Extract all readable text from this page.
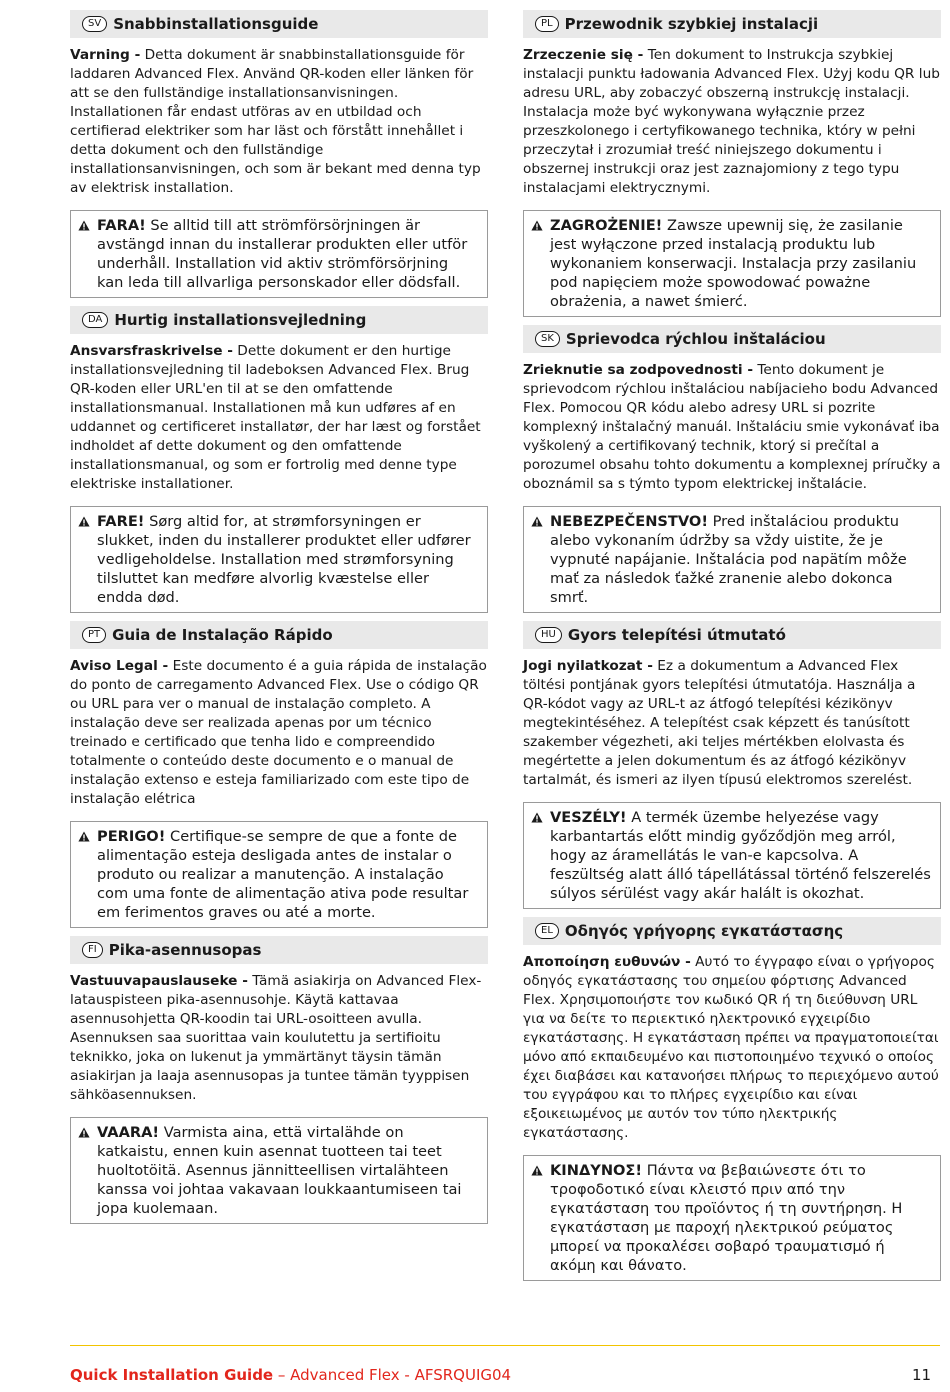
SV Snabbinstallationsguide

Varning - Detta dokument är snabbinstallationsguide för laddaren Advanced Flex. Använd QR-koden eller länken för att se den fullständige installationsanvisningen. Installationen får endast utföras av en utbildad och certifierad elektriker som har läst och förstått innehållet i detta dokument och den fullständige installationsanvisningen, och som är bekant med denna typ av elektrisk installation.

FARA! Se alltid till att strömförsörjningen är avstängd innan du installerar produkten eller utför underhåll. Installation vid aktiv strömförsörjning kan leda till allvarliga personskador eller dödsfall.
DA Hurtig installationsvejledning

Ansvarsfraskrivelse - Dette dokument er den hurtige installationsvejledning til ladeboksen Advanced Flex. Brug QR-koden eller URL'en til at se den omfattende installationsmanual. Installationen må kun udføres af en uddannet og certificeret installatør, der har læst og forstået indholdet af dette dokument og den omfattende installationsmanual, og som er fortrolig med denne type elektriske installationer.

FARE! Sørg altid for, at strømforsyningen er slukket, inden du installerer produktet eller udfører vedligeholdelse. Installation med strømforsyning tilsluttet kan medføre alvorlig kvæstelse eller endda død.
PT Guia de Instalação Rápido

Aviso Legal - Este documento é a guia rápida de instalação do ponto de carregamento Advanced Flex. Use o código QR ou URL para ver o manual de instalação completo. A instalação deve ser realizada apenas por um técnico treinado e certificado que tenha lido e compreendido totalmente o conteúdo deste documento e o manual de instalação extenso e esteja familiarizado com este tipo de instalação elétrica

PERIGO! Certifique-se sempre de que a fonte de alimentação esteja desligada antes de instalar o produto ou realizar a manutenção. A instalação com uma fonte de alimentação ativa pode resultar em ferimentos graves ou até a morte.
FI Pika-asennusopas

Vastuuvapauslauseke - Tämä asiakirja on Advanced Flex-latauspisteen pika-asennusohje. Käytä kattavaa asennusohjetta QR-koodin tai URL-osoitteen avulla. Asennuksen saa suorittaa vain koulutettu ja sertifioitu teknikko, joka on lukenut ja ymmärtänyt täysin tämän asiakirjan ja laaja asennusopas ja tuntee tämän tyyppisen sähköasennuksen.

VAARA! Varmista aina, että virtalähde on katkaistu, ennen kuin asennat tuotteen tai teet huoltotöitä. Asennus jännitteellisen virtalähteen kanssa voi johtaa vakavaan loukkaantumiseen tai jopa kuolemaan.
PL Przewodnik szybkiej instalacji

Zrzeczenie się - Ten dokument to Instrukcja szybkiej instalacji punktu ładowania Advanced Flex. Użyj kodu QR lub adresu URL, aby zobaczyć obszerną instrukcję instalacji. Instalacja może być wykonywana wyłącznie przez przeszkolonego i certyfikowanego technika, który w pełni przeczytał i zrozumiał treść niniejszego dokumentu i obszernej instrukcji oraz jest zaznajomiony z tego typu instalacjami elektrycznymi.

ZAGROŻENIE! Zawsze upewnij się, że zasilanie jest wyłączone przed instalacją produktu lub wykonaniem konserwacji. Instalacja przy zasilaniu pod napięciem może spowodować poważne obrażenia, a nawet śmierć.
SK Sprievodca rýchlou inštaláciou

Zrieknutie sa zodpovednosti - Tento dokument je sprievodcom rýchlou inštaláciou nabíjacieho bodu Advanced Flex. Pomocou QR kódu alebo adresy URL si pozrite komplexný inštalačný manuál. Inštaláciu smie vykonávať iba vyškolený a certifikovaný technik, ktorý si prečítal a porozumel obsahu tohto dokumentu a komplexnej príručky a oboznámil sa s týmto typom elektrickej inštalácie.

NEBEZPEČENSTVO! Pred inštaláciou produktu alebo vykonaním údržby sa vždy uistite, že je vypnuté napájanie. Inštalácia pod napätím môže mať za následok ťažké zranenie alebo dokonca smrť.
HU Gyors telepítési útmutató

Jogi nyilatkozat - Ez a dokumentum a Advanced Flex töltési pontjának gyors telepítési útmutatója. Használja a QR-kódot vagy az URL-t az átfogó telepítési kézikönyv megtekintéséhez. A telepítést csak képzett és tanúsított szakember végezheti, aki teljes mértékben elolvasta és megértette a jelen dokumentum és az átfogó kézikönyv tartalmát, és ismeri az ilyen típusú elektromos szerelést.

VESZÉLY! A termék üzembe helyezése vagy karbantartás előtt mindig győződjön meg arról, hogy az áramellátás le van-e kapcsolva. A feszültség alatt álló tápellátással történő felszerelés súlyos sérülést vagy akár halált is okozhat.
EL Οδηγός γρήγορης εγκατάστασης

Αποποίηση ευθυνών - Αυτό το έγγραφο είναι ο γρήγορος οδηγός εγκατάστασης του σημείου φόρτισης Advanced Flex. Χρησιμοποιήστε τον κωδικό QR ή τη διεύθυνση URL για να δείτε το περιεκτικό ηλεκτρονικό εγχειρίδιο εγκατάστασης. Η εγκατάσταση πρέπει να πραγματοποιείται μόνο από εκπαιδευμένο και πιστοποιημένο τεχνικό ο οποίος έχει διαβάσει και κατανοήσει πλήρως το περιεχόμενο αυτού του εγγράφου και το πλήρες εγχειρίδιο και είναι εξοικειωμένος με αυτόν τον τύπο ηλεκτρικής εγκατάστασης.

ΚΙΝΔΥΝΟΣ! Πάντα να βεβαιώνεστε ότι το τροφοδοτικό είναι κλειστό πριν από την εγκατάσταση του προϊόντος ή τη συντήρηση. Η εγκατάσταση με παροχή ηλεκτρικού ρεύματος μπορεί να προκαλέσει σοβαρό τραυματισμό ή ακόμη και θάνατο.
Quick Installation Guide – Advanced Flex - AFSRQUIG04	11
